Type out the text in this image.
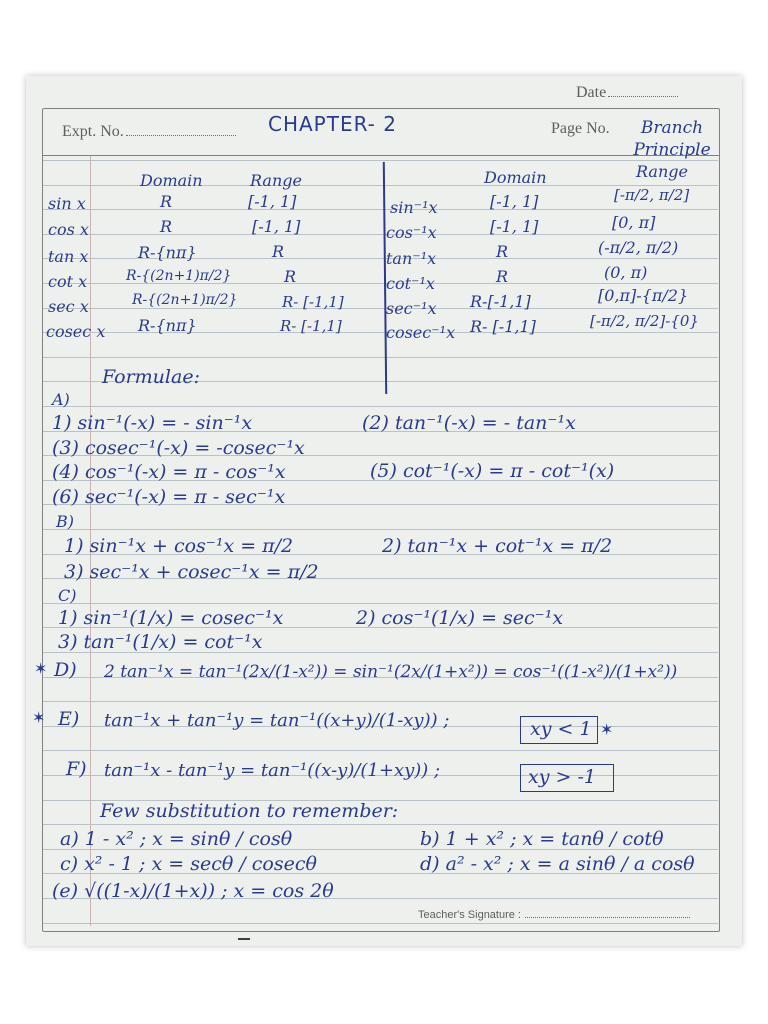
Date
Expt. No.	Page No.
CHAPTER- 2	Branch Principle
Domain	Range
sin x	R	[-1, 1]
cos x	R	[-1, 1]
tan x	R-{nπ}	R
cot x	R-{(2n+1)π/2}	R
sec x	R-{(2n+1)π/2}	R- [-1,1]
cosec x R-{nπ}	R- [-1,1]
Domain	Range
sin⁻¹x	[-1, 1]	[-π/2, π/2]
cos⁻¹x	[-1, 1]	[0, π]
tan⁻¹x	R	(-π/2, π/2)
cot⁻¹x	R	(0, π)
sec⁻¹x R-[-1,1]	[0,π]-{π/2}
cosec⁻¹x R- [-1,1]	[-π/2, π/2]-{0}
Formulae:
A)
1) sin⁻¹(-x) = - sin⁻¹x	(2) tan⁻¹(-x) = - tan⁻¹x
(3) cosec⁻¹(-x) = -cosec⁻¹x
(4) cos⁻¹(-x) = π - cos⁻¹x	(5) cot⁻¹(-x) = π - cot⁻¹(x)
(6) sec⁻¹(-x) = π - sec⁻¹x
B)
1) sin⁻¹x + cos⁻¹x = π/2	2) tan⁻¹x + cot⁻¹x = π/2
3) sec⁻¹x + cosec⁻¹x = π/2
C)
1) sin⁻¹(1/x) = cosec⁻¹x	2) cos⁻¹(1/x) = sec⁻¹x
3) tan⁻¹(1/x) = cot⁻¹x
✶ D) 2 tan⁻¹x = tan⁻¹(2x/(1-x²)) = sin⁻¹(2x/(1+x²)) = cos⁻¹((1-x²)/(1+x²))
✶ E) tan⁻¹x + tan⁻¹y = tan⁻¹((x+y)/(1-xy)) ;	xy < 1 ✶
F) tan⁻¹x - tan⁻¹y = tan⁻¹((x-y)/(1+xy)) ;	xy > -1
Few substitution to remember:
a) 1 - x² ; x = sinθ / cosθ	b) 1 + x² ; x = tanθ / cotθ
c) x² - 1 ; x = secθ / cosecθ	d) a² - x² ; x = a sinθ / a cosθ
(e) √((1-x)/(1+x)) ; x = cos 2θ
Teacher's Signature :
